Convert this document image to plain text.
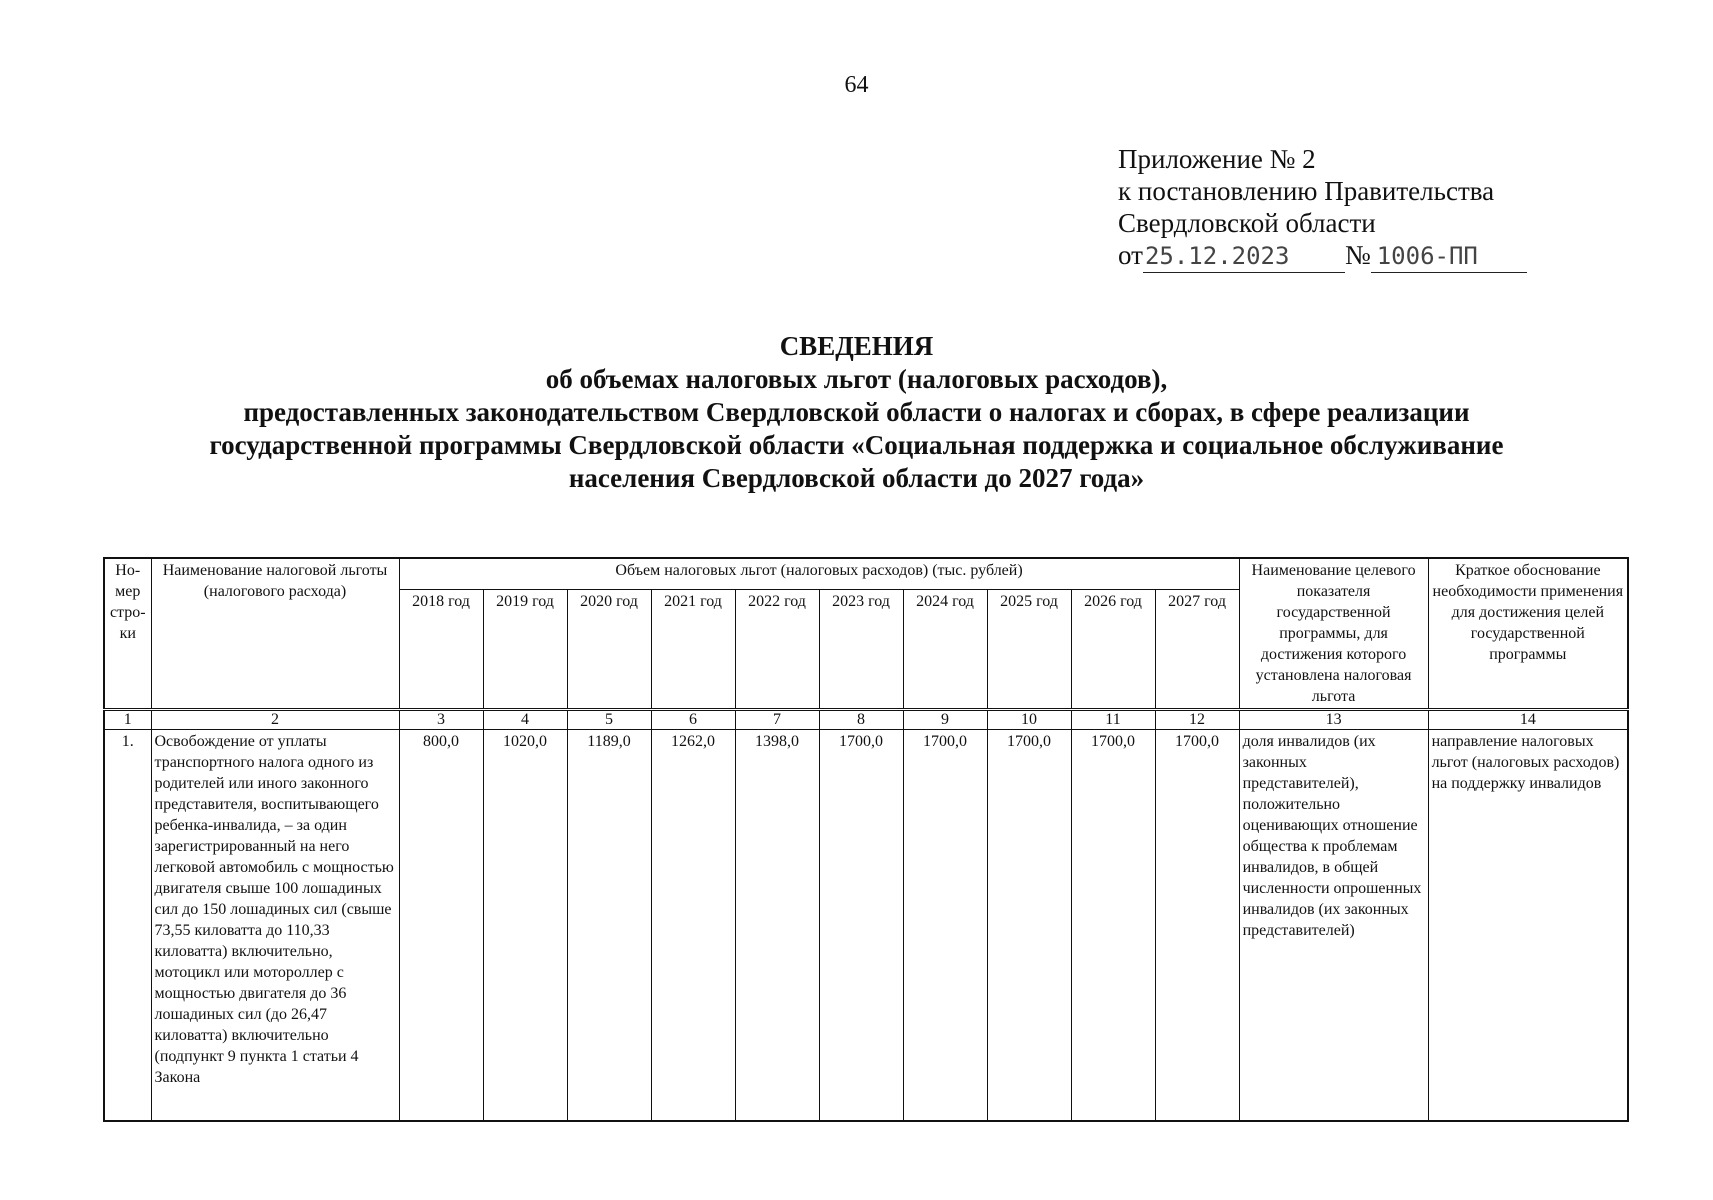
64
Приложение № 2
к постановлению Правительства
Свердловской области
от25.12.2023 № 1006-ПП
СВЕДЕНИЯ
об объемах налоговых льгот (налоговых расходов),
предоставленных законодательством Свердловской области о налогах и сборах, в сфере реализации
государственной программы Свердловской области «Социальная поддержка и социальное обслуживание
населения Свердловской области до 2027 года»
Но-мер стро-ки	Наименование налоговой льготы (налогового расхода)	Объем налоговых льгот (налоговых расходов) (тыс. рублей)										Наименование целевого показателя государственной программы, для достижения которого установлена налоговая льгота	Краткое обоснование необходимости применения для достижения целей государственной программы
		2018 год	2019 год	2020 год	2021 год	2022 год	2023 год	2024 год	2025 год	2026 год	2027 год		
1	2	3	4	5	6	7	8	9	10	11	12	13	14
1.	Освобождение от уплаты транспортного налога одного из родителей или иного законного представителя, воспитывающего ребенка-инвалида, – за один зарегистрированный на него легковой автомобиль с мощностью двигателя свыше 100 лошадиных сил до 150 лошадиных сил (свыше 73,55 киловатта до 110,33 киловатта) включительно, мотоцикл или мотороллер с мощностью двигателя до 36 лошадиных сил (до 26,47 киловатта) включительно (подпункт 9 пункта 1 статьи 4 Закона	800,0	1020,0	1189,0	1262,0	1398,0	1700,0	1700,0	1700,0	1700,0	1700,0	доля инвалидов (их законных представителей), положительно оценивающих отношение общества к проблемам инвалидов, в общей численности опрошенных инвалидов (их законных представителей)	направление налоговых льгот (налоговых расходов) на поддержку инвалидов
